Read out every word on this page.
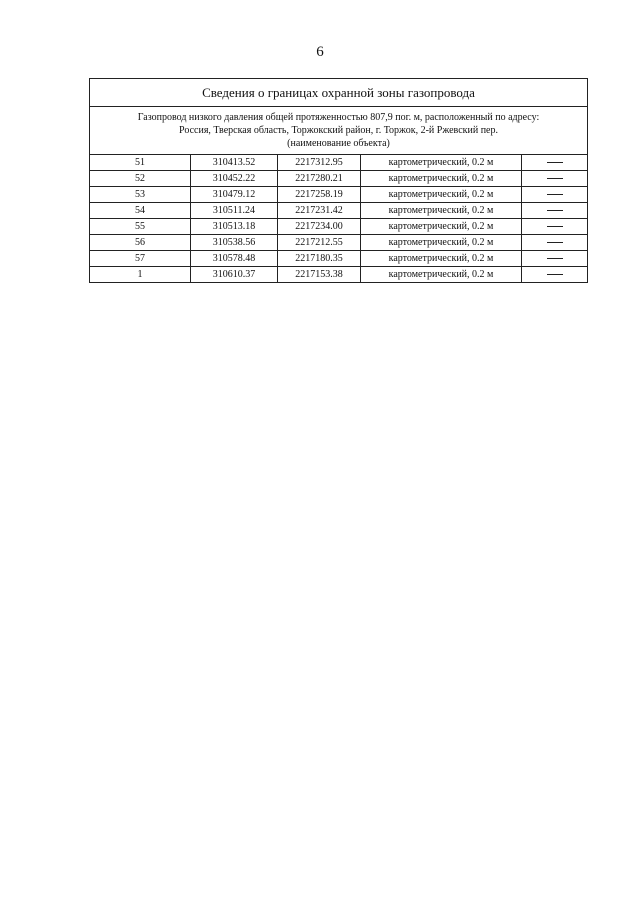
6
Сведения о границах охранной зоны газопровода				

Газопровод низкого давления общей протяженностью 807,9 пог. м, расположенный по адресу:
Россия, Тверская область, Торжокский район, г. Торжок, 2-й Ржевский пер.
(наименование объекта)				

51	310413.52	2217312.95	картометрический, 0.2 м	
52	310452.22	2217280.21	картометрический, 0.2 м	
53	310479.12	2217258.19	картометрический, 0.2 м	
54	310511.24	2217231.42	картометрический, 0.2 м	
55	310513.18	2217234.00	картометрический, 0.2 м	
56	310538.56	2217212.55	картометрический, 0.2 м	
57	310578.48	2217180.35	картометрический, 0.2 м	
1	310610.37	2217153.38	картометрический, 0.2 м	
